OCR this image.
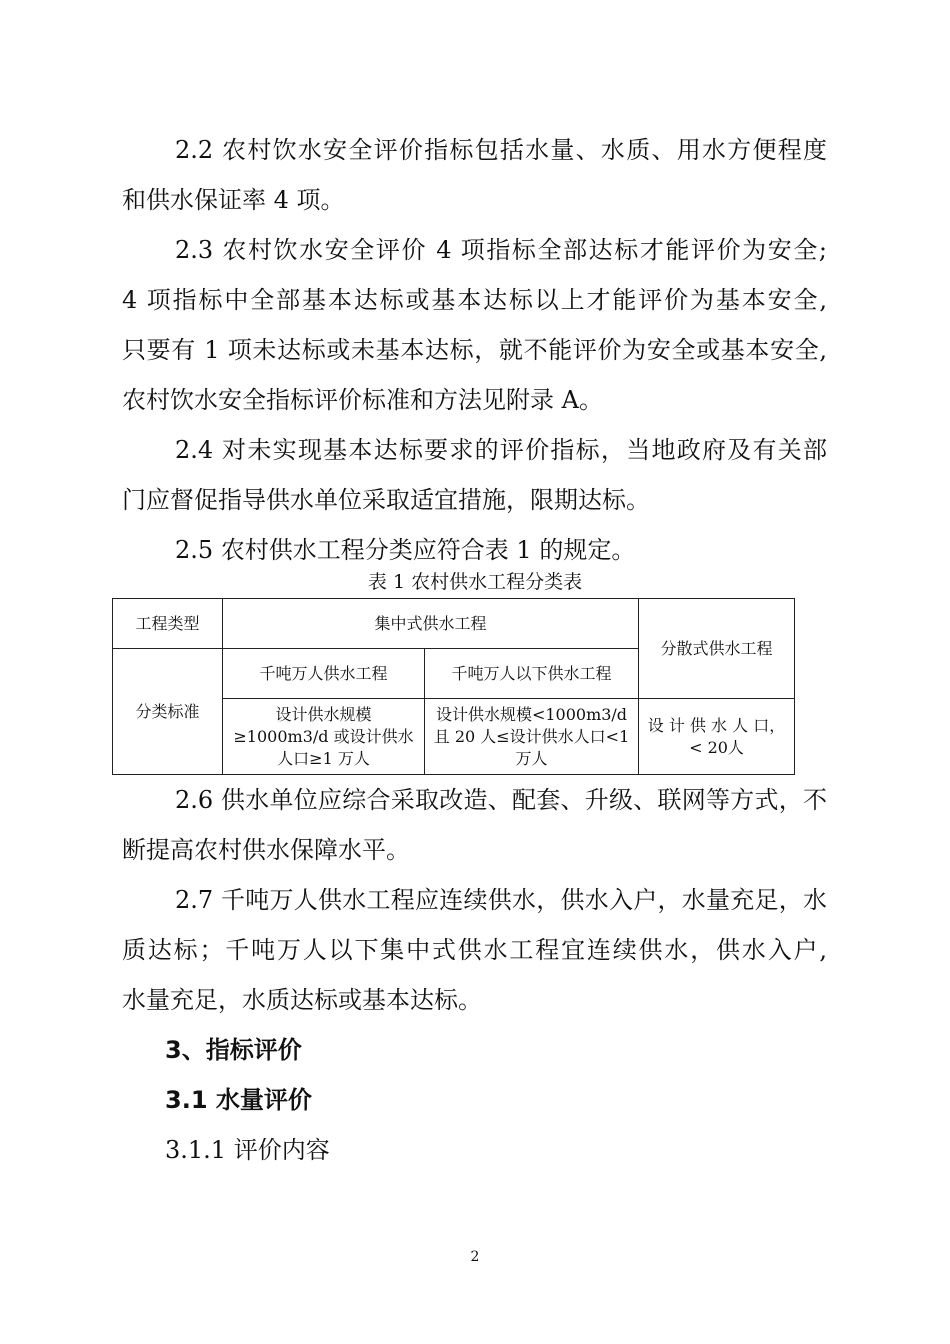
2.2 农村饮水安全评价指标包括水量、水质、用水方便程度
和供水保证率 4 项。
2.3 农村饮水安全评价 4 项指标全部达标才能评价为安全;
4 项指标中全部基本达标或基本达标以上才能评价为基本安全,
只要有 1 项未达标或未基本达标，就不能评价为安全或基本安全,
农村饮水安全指标评价标准和方法见附录 A。
2.4 对未实现基本达标要求的评价指标，当地政府及有关部
门应督促指导供水单位采取适宜措施，限期达标。
2.5 农村供水工程分类应符合表 1 的规定。
表 1 农村供水工程分类表
工程类型	集中式供水工程		分散式供水工程
分类标准	千吨万人供水工程	千吨万人以下供水工程	
	设计供水规模≥1000m3/d 或设计供水人口≥1 万人	设计供水规模<1000m3/d 且 20 人≤设计供水人口<1 万人	设 计 供 水 人 口， < 20人
2.6 供水单位应综合采取改造、配套、升级、联网等方式，不
断提高农村供水保障水平。
2.7 千吨万人供水工程应连续供水，供水入户，水量充足，水
质达标；千吨万人以下集中式供水工程宜连续供水，供水入户,
水量充足，水质达标或基本达标。
3、指标评价
3.1 水量评价
3.1.1 评价内容
2
